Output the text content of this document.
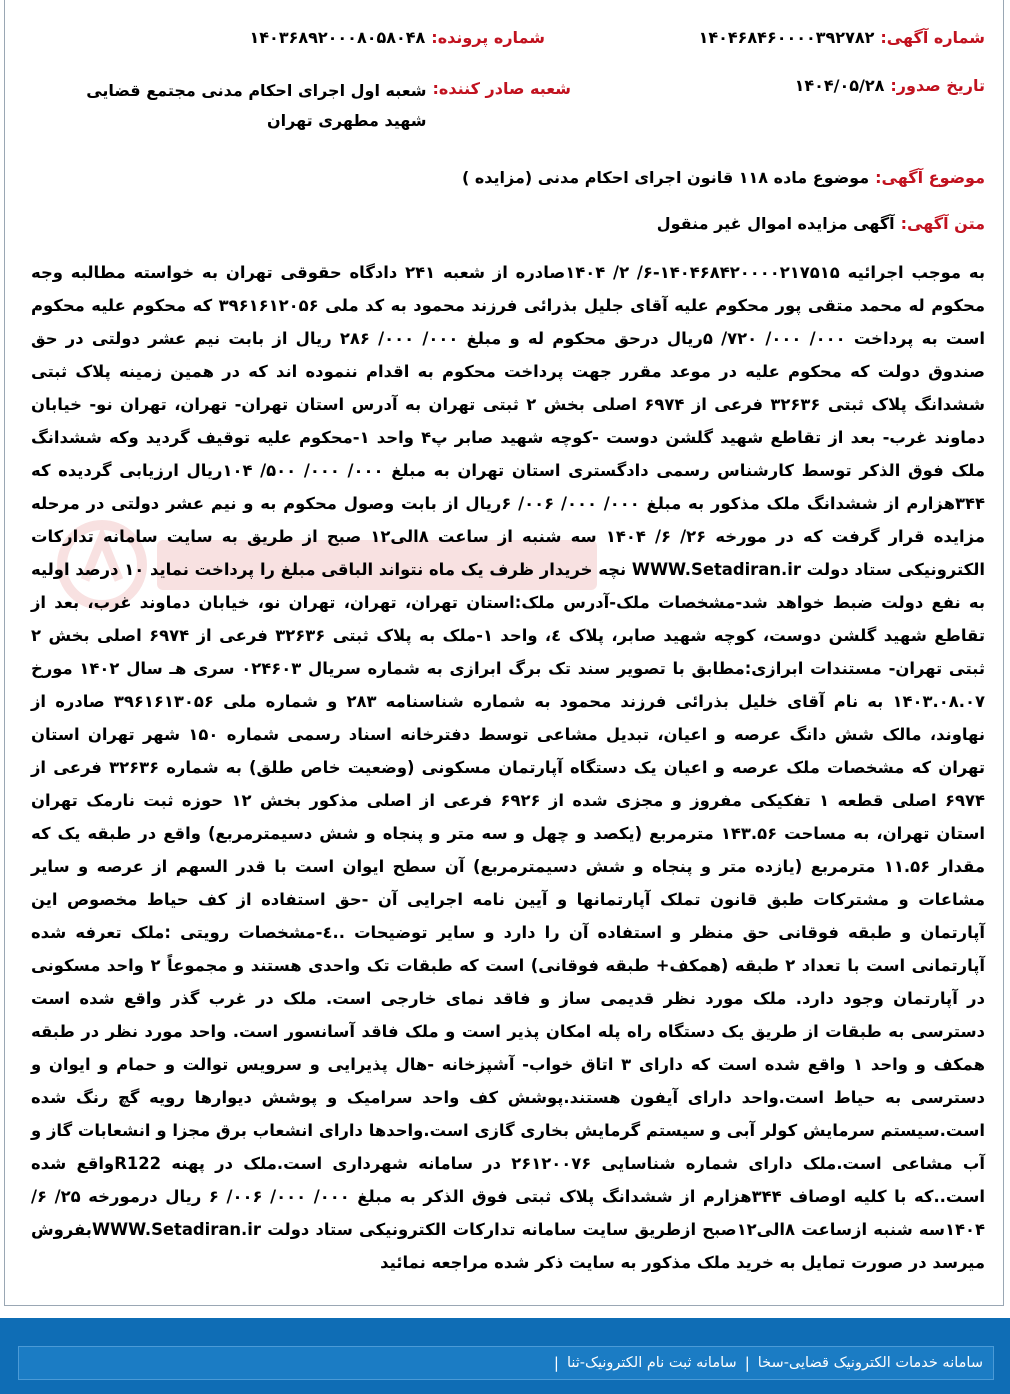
شماره آگهی:
۱۴۰۴۶۸۴۶۰۰۰۰۳۹۲۷۸۲
شماره پرونده:
۱۴۰۳۶۸۹۲۰۰۰۸۰۵۸۰۴۸
تاریخ صدور:
۱۴۰۴/۰۵/۲۸
شعبه صادر کننده:
شعبه اول اجرای احکام مدنی مجتمع قضایی شهید مطهری تهران
موضوع آگهی:
موضوع ماده ۱۱۸ قانون اجرای احکام مدنی (مزایده )
متن آگهی:
آگهی مزایده اموال غیر منقول

به موجب اجرائیه ۱۴۰۴۶۸۴۲۰۰۰۰۲۱۷۵۱۵-۶/ ۲/ ۱۴۰۴صادره از شعبه ۲۴۱ دادگاه حقوقی تهران به خواسته مطالبه وجه محکوم له محمد متقی پور محکوم علیه آقای جلیل بذرائی فرزند محمود به کد ملی ۳۹۶۱۶۱۲۰۵۶ که محکوم علیه محکوم است به پرداخت ۰۰۰/ ۰۰۰/ ۷۲۰/ ۵ریال درحق محکوم له و مبلغ ۰۰۰/ ۰۰۰/ ۲۸۶ ریال از بابت نیم عشر دولتی در حق صندوق دولت که محکوم علیه در موعد مقرر جهت پرداخت محکوم به اقدام ننموده اند که در همین زمینه پلاک ثبتی ششدانگ پلاک ثبتی ۳۲۶۳۶ فرعی از ۶۹۷۴ اصلی بخش ۲ ثبتی تهران به آدرس استان تهران- تهران، تهران نو- خیابان دماوند غرب- بعد از تقاطع شهید گلشن دوست -کوچه شهید صابر پ۴ واحد ۱-محکوم علیه توقیف گردید وکه ششدانگ ملک فوق الذکر توسط کارشناس رسمی دادگستری استان تهران به مبلغ ۰۰۰/ ۰۰۰/ ۵۰۰/ ۱۰۴ریال ارزیابی گردیده که ۳۴۴هزارم از ششدانگ ملک مذکور به مبلغ ۰۰۰/ ۰۰۰/ ۰۰۶/ ۶ریال از بابت وصول محکوم به و نیم عشر دولتی در مرحله مزایده قرار گرفت که در مورخه ۲۶/ ۶/ ۱۴۰۴ سه شنبه از ساعت ۸الی۱۲ صبح از طریق به سایت سامانه تدارکات الکترونیکی ستاد دولت WWW.Setadiran.ir نچه خریدار ظرف یک ماه نتواند الباقی مبلغ را پرداخت نماید ۱۰ درصد اولیه به نفع دولت ضبط خواهد شد-مشخصات ملک-آدرس ملک:استان تهران، تهران، تهران نو، خیابان دماوند غرب، بعد از تقاطع شهید گلشن دوست، کوچه شهید صابر، پلاک ٤، واحد ۱-ملک به پلاک ثبتی ۳۲۶۳۶ فرعی از ۶۹۷۴ اصلی بخش ۲ ثبتی تهران- مستندات ابرازی:مطابق با تصویر سند تک برگ ابرازی به شماره سریال ۰۲۴۶۰۳ سری هـ سال ۱۴۰۲ مورخ ۱۴۰۳.۰۸.۰۷ به نام آقای خلیل بذرائی فرزند محمود به شماره شناسنامه ۲۸۳ و شماره ملی ۳۹۶۱۶۱۳۰۵۶ صادره از نهاوند، مالک شش دانگ عرصه و اعیان، تبدیل مشاعی توسط دفترخانه اسناد رسمی شماره ۱۵۰ شهر تهران استان تهران که مشخصات ملک عرصه و اعیان یک دستگاه آپارتمان مسکونی (وضعیت خاص طلق) به شماره ۳۲۶۳۶ فرعی از ۶۹۷۴ اصلی قطعه ۱ تفکیکی مفروز و مجزی شده از ۶۹۲۶ فرعی از اصلی مذکور بخش ۱۲ حوزه ثبت نارمک تهران استان تهران، به مساحت ۱۴۳.۵۶ مترمربع (یکصد و چهل و سه متر و پنجاه و شش دسیمترمربع) واقع در طبقه یک که مقدار ۱۱.۵۶ مترمربع (یازده متر و پنجاه و شش دسیمترمربع) آن سطح ایوان است با قدر السهم از عرصه و سایر مشاعات و مشترکات طبق قانون تملک آپارتمانها و آیین نامه اجرایی آن -حق استفاده از کف حیاط مخصوص این آپارتمان و طبقه فوقانی حق منظر و استفاده آن را دارد و سایر توضیحات ..٤-مشخصات رویتی :ملک تعرفه شده آپارتمانی است با تعداد ۲ طبقه (همکف+ طبقه فوقانی) است که طبقات تک واحدی هستند و مجموعاً ۲ واحد مسکونی در آپارتمان وجود دارد. ملک مورد نظر قدیمی ساز و فاقد نمای خارجی است. ملک در غرب گذر واقع شده است دسترسی به طبقات از طریق یک دستگاه راه پله امکان پذیر است و ملک فاقد آسانسور است. واحد مورد نظر در طبقه همکف و واحد ۱ واقع شده است که دارای ۳ اتاق خواب- آشپزخانه -هال پذیرایی و سرویس توالت و حمام و ایوان و دسترسی به حیاط است.واحد دارای آیفون هستند.پوشش کف واحد سرامیک و پوشش دیوارها رویه گچ رنگ شده است.سیستم سرمایش کولر آبی و سیستم گرمایش بخاری گازی است.واحدها دارای انشعاب برق مجزا و انشعابات گاز و آب مشاعی است.ملک دارای شماره شناسایی ۲۶۱۲۰۰۷۶ در سامانه شهرداری است.ملک در پهنه R122واقع شده است..که با کلیه اوصاف ۳۴۴هزارم از ششدانگ پلاک ثبتی فوق الذکر به مبلغ ۰۰۰/ ۰۰۰/ ۰۰۶/ ۶ ریال درمورخه ۲۵/ ۶/ ۱۴۰۴سه شنبه ازساعت ۸الی۱۲صبح ازطریق سایت سامانه تدارکات الکترونیکی ستاد دولت WWW.Setadiran.irبفروش میرسد در صورت تمایل به خرید ملک مذکور به سایت ذکر شده مراجعه نمائید

سامانه خدمات الکترونیک قضایی-سخا
|
سامانه ثبت نام الکترونیک-ثنا
|
